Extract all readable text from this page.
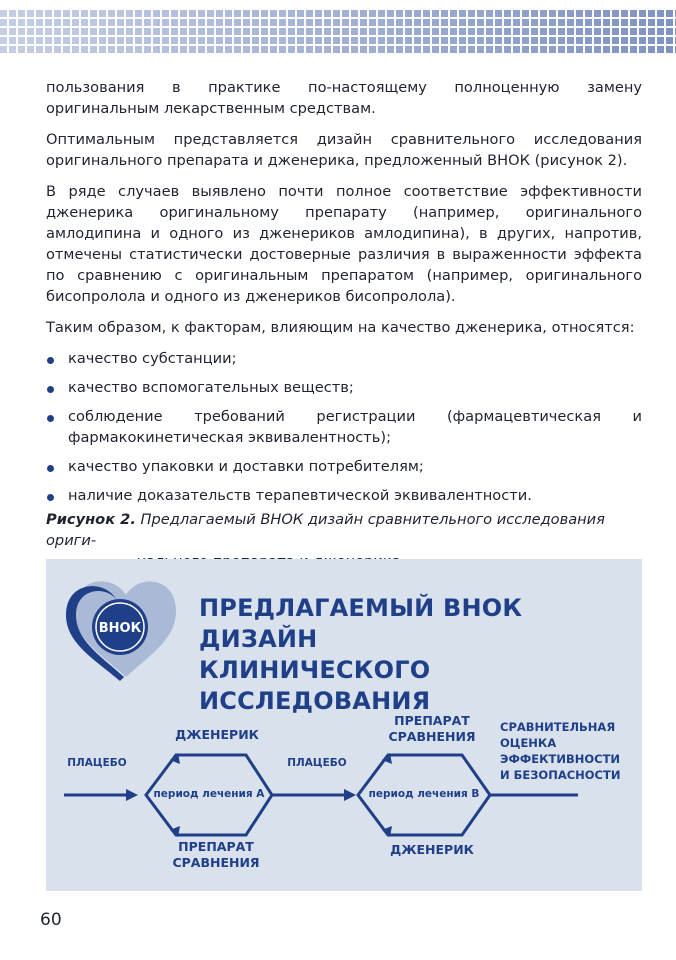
пользования в практике по-настоящему полноценную замену оригинальным лекарственным средствам.

Оптимальным представляется дизайн сравнительного исследования оригинального препарата и дженерика, предложенный ВНОК (рисунок 2).

В ряде случаев выявлено почти полное соответствие эффективности дженерика оригинальному препарату (например, оригинального амлодипина и одного из дженериков амлодипина), в других, напротив, отмечены статистически достоверные различия в выраженности эффекта по сравнению с оригинальным препаратом (например, оригинального бисопролола и одного из дженериков бисопролола).

Таким образом, к факторам, влияющим на качество дженерика, относятся:

качество субстанции;
качество вспомогательных веществ;
соблюдение требований регистрации (фармацевтическая и фармакокинетическая эквивалентность);
качество упаковки и доставки потребителям;
наличие доказательств терапевтической эквивалентности.
Рисунок 2. Предлагаемый ВНОК дизайн сравнительного исследования ориги-
ВНОК
ПРЕДЛАГАЕМЫЙ ВНОК ДИЗАЙН
КЛИНИЧЕСКОГО ИССЛЕДОВАНИЯ
ПЛАЦЕБО
ДЖЕНЕРИК
период лечения А
ПРЕПАРАТ
СРАВНЕНИЯ
ПЛАЦЕБО
ПРЕПАРАТ
СРАВНЕНИЯ
период лечения В
ДЖЕНЕРИК
СРАВНИТЕЛЬНАЯ
ОЦЕНКА
ЭФФЕКТИВНОСТИ
И БЕЗОПАСНОСТИ
60
